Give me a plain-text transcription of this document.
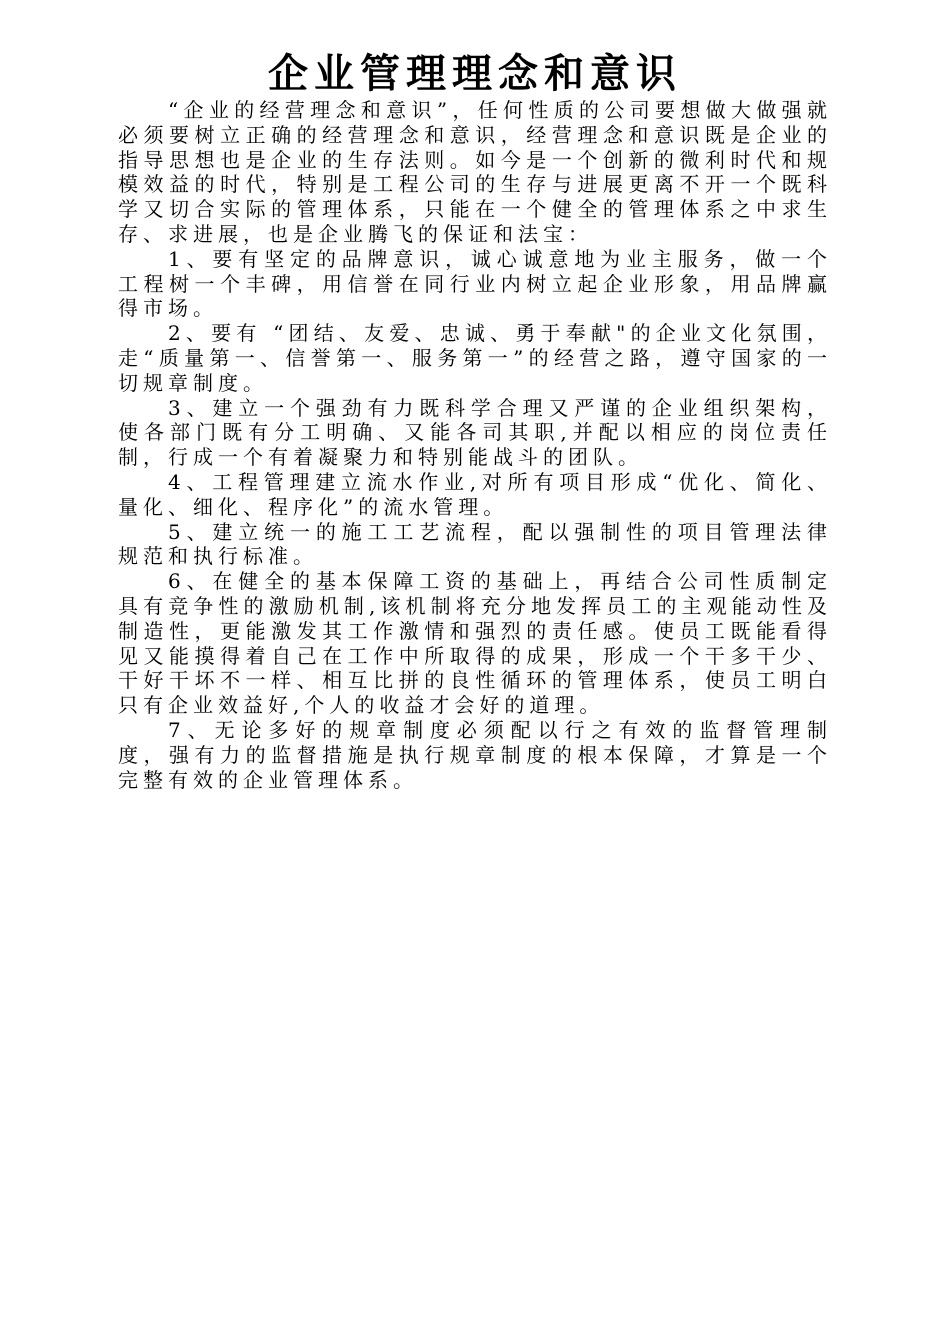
企业管理理念和意识

“企业的经营理念和意识”，任何性质的公司要想做大做强就必须要树立正确的经营理念和意识，经营理念和意识既是企业的指导思想也是企业的生存法则。如今是一个创新的微利时代和规模效益的时代，特别是工程公司的生存与进展更离不开一个既科学又切合实际的管理体系，只能在一个健全的管理体系之中求生存、求进展，也是企业腾飞的保证和法宝：

1、要有坚定的品牌意识，诚心诚意地为业主服务，做一个工程树一个丰碑，用信誉在同行业内树立起企业形象，用品牌赢得市场。

2、要有 “团结、友爱、忠诚、勇于奉献"的企业文化氛围，走“质量第一、信誉第一、服务第一”的经营之路，遵守国家的一切规章制度。

3、建立一个强劲有力既科学合理又严谨的企业组织架构，使各部门既有分工明确、又能各司其职,并配以相应的岗位责任制，行成一个有着凝聚力和特别能战斗的团队。

4、工程管理建立流水作业,对所有项目形成“优化、简化、量化、细化、程序化”的流水管理。

5、建立统一的施工工艺流程，配以强制性的项目管理法律规范和执行标准。

6、在健全的基本保障工资的基础上，再结合公司性质制定具有竞争性的激励机制,该机制将充分地发挥员工的主观能动性及制造性，更能激发其工作激情和强烈的责任感。使员工既能看得见又能摸得着自己在工作中所取得的成果，形成一个干多干少、干好干坏不一样、相互比拼的良性循环的管理体系，使员工明白只有企业效益好,个人的收益才会好的道理。

7、无论多好的规章制度必须配以行之有效的监督管理制度，强有力的监督措施是执行规章制度的根本保障，才算是一个完整有效的企业管理体系。
